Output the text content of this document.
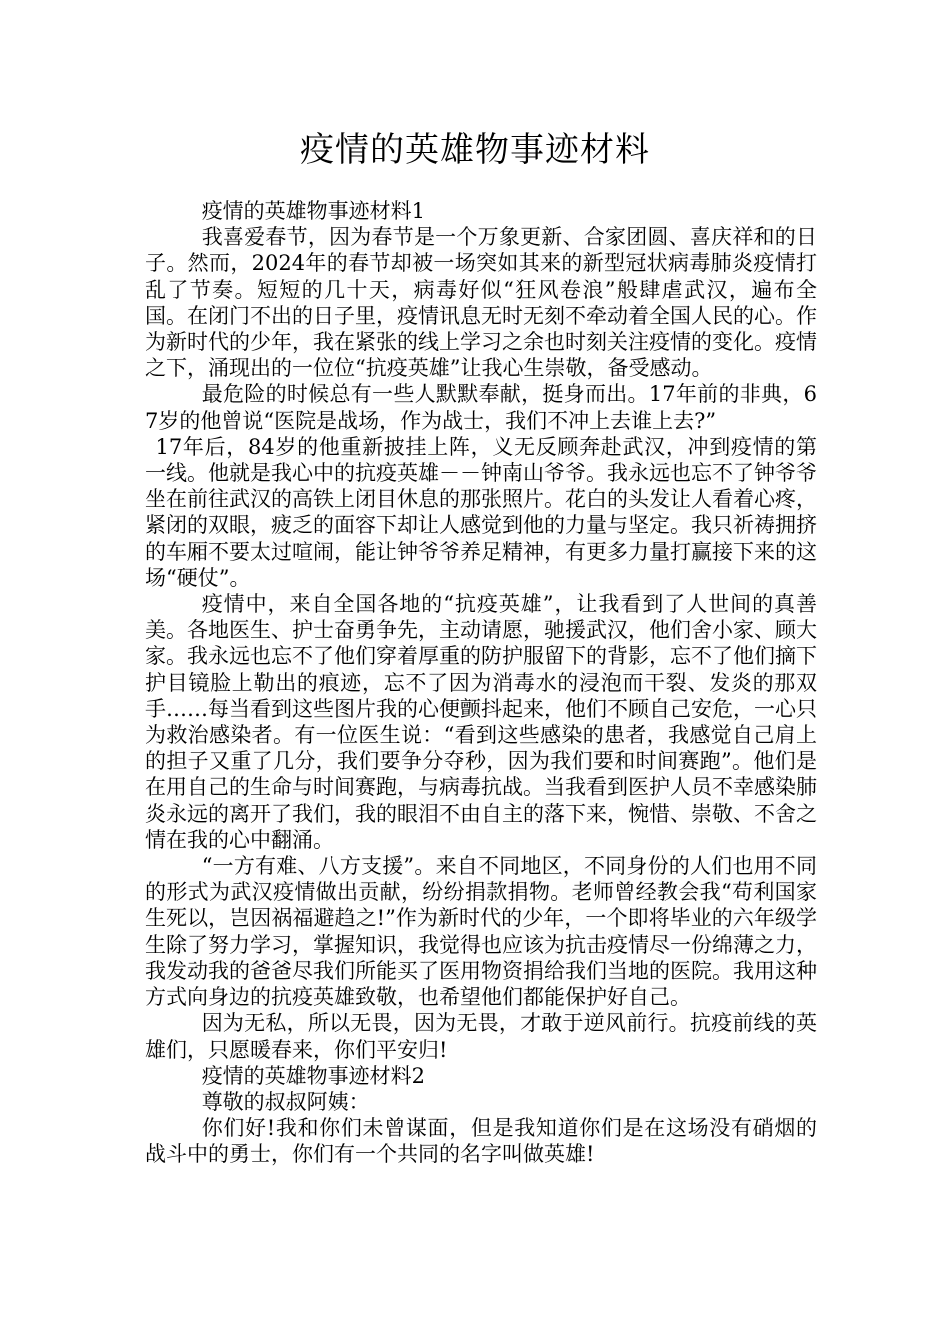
疫情的英雄物事迹材料

疫情的英雄物事迹材料1

我喜爱春节，因为春节是一个万象更新、合家团圆、喜庆祥和的日子。然而，2024年的春节却被一场突如其来的新型冠状病毒肺炎疫情打乱了节奏。短短的几十天，病毒好似“狂风卷浪”般肆虐武汉，遍布全国。在闭门不出的日子里，疫情讯息无时无刻不牵动着全国人民的心。作为新时代的少年，我在紧张的线上学习之余也时刻关注疫情的变化。疫情之下，涌现出的一位位“抗疫英雄”让我心生崇敬，备受感动。

最危险的时候总有一些人默默奉献，挺身而出。17年前的非典，67岁的他曾说“医院是战场，作为战士，我们不冲上去谁上去?”

17年后，84岁的他重新披挂上阵，义无反顾奔赴武汉，冲到疫情的第一线。他就是我心中的抗疫英雄－－钟南山爷爷。我永远也忘不了钟爷爷坐在前往武汉的高铁上闭目休息的那张照片。花白的头发让人看着心疼，紧闭的双眼，疲乏的面容下却让人感觉到他的力量与坚定。我只祈祷拥挤的车厢不要太过喧闹，能让钟爷爷养足精神，有更多力量打赢接下来的这场“硬仗”。

疫情中，来自全国各地的“抗疫英雄”，让我看到了人世间的真善美。各地医生、护士奋勇争先，主动请愿，驰援武汉，他们舍小家、顾大家。我永远也忘不了他们穿着厚重的防护服留下的背影，忘不了他们摘下护目镜脸上勒出的痕迹，忘不了因为消毒水的浸泡而干裂、发炎的那双手……每当看到这些图片我的心便颤抖起来，他们不顾自己安危，一心只为救治感染者。有一位医生说：“看到这些感染的患者，我感觉自己肩上的担子又重了几分，我们要争分夺秒，因为我们要和时间赛跑”。他们是在用自己的生命与时间赛跑，与病毒抗战。当我看到医护人员不幸感染肺炎永远的离开了我们，我的眼泪不由自主的落下来，惋惜、崇敬、不舍之情在我的心中翻涌。

“一方有难、八方支援”。来自不同地区，不同身份的人们也用不同的形式为武汉疫情做出贡献，纷纷捐款捐物。老师曾经教会我“苟利国家生死以，岂因祸福避趋之!”作为新时代的少年，一个即将毕业的六年级学生除了努力学习，掌握知识，我觉得也应该为抗击疫情尽一份绵薄之力，我发动我的爸爸尽我们所能买了医用物资捐给我们当地的医院。我用这种方式向身边的抗疫英雄致敬，也希望他们都能保护好自己。

因为无私，所以无畏，因为无畏，才敢于逆风前行。抗疫前线的英雄们，只愿暖春来，你们平安归!

疫情的英雄物事迹材料2

尊敬的叔叔阿姨：

你们好!我和你们未曾谋面，但是我知道你们是在这场没有硝烟的战斗中的勇士，你们有一个共同的名字叫做英雄!
